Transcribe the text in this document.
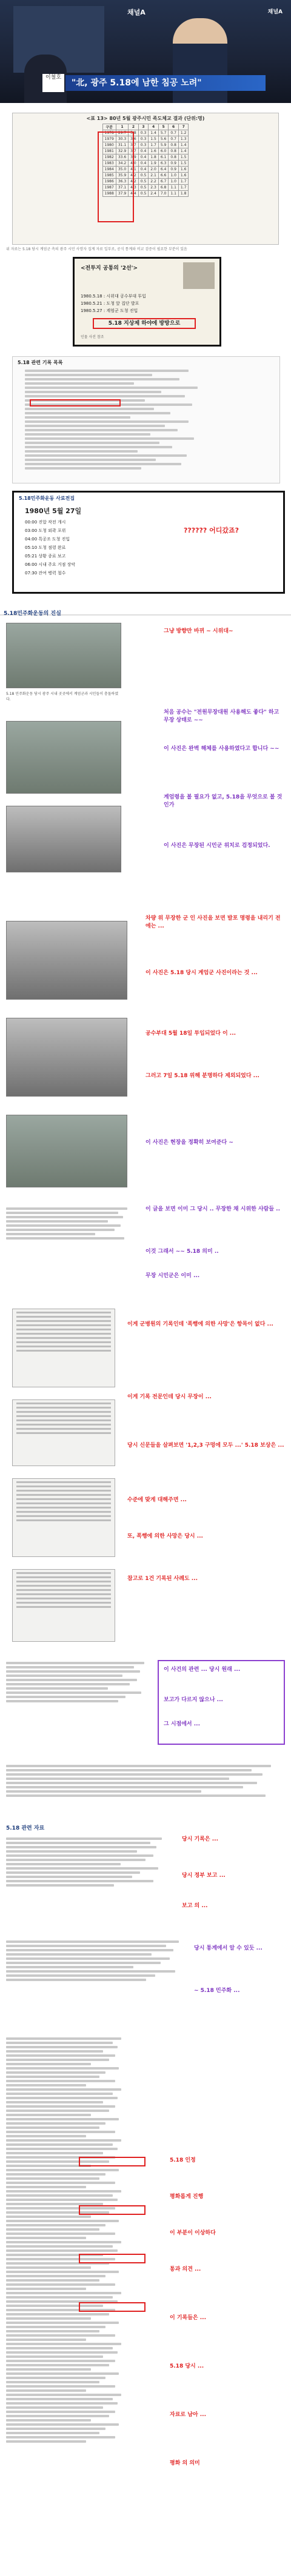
채널A	채널A
이철호
"北, 광주 5.18에 남한 침공 노려"
<표 13> 80년 5월 광주시민 족도체교 결과 (단위:명)
구분	1	2	3	4	5	6	7
1978	29.7	3.8	0.3	1.4	5.7	0.7	1.2
1979	30.3	3.6	0.3	1.5	5.6	0.7	1.3
1980	31.1	3.7	0.3	1.7	5.9	0.8	1.4
1981	32.9	3.7	0.4	1.6	6.0	0.8	1.4
1982	33.6	3.9	0.4	1.8	6.1	0.8	1.5
1983	34.2	4.0	0.4	1.9	6.3	0.9	1.5
1984	35.0	4.1	0.4	2.0	6.4	0.9	1.6
1985	35.9	4.2	0.5	2.1	6.6	1.0	1.6
1986	36.3	4.2	0.5	2.2	6.7	1.0	1.7
1987	37.1	4.3	0.5	2.3	6.8	1.1	1.7
1988	37.9	4.4	0.5	2.4	7.0	1.1	1.8
위 자료는 5.18 당시 계엄군 측의 광주 시민 사망자 집계 자료 일부로, 공식 통계와 비교 검증이 필요한 부분이 있음
<전투지 공통의 '2선'>
1980.5.18 : 시위대 공수부대 투입
1980.5.21 : 도청 앞 집단 발포
1980.5.27 : 계엄군 도청 진입
5.18 지상제 하야에 방방으로
인물 사진 참조
5.18 관련 기록 목록
5.18민주화운동 사료전집
1980년 5월 27일
00:00 진압 작전 개시
03:00 도청 외곽 포위
04:00 특공조 도청 진입
05:10 도청 점령 완료
05:21 상황 종료 보고
06:00 시내 주요 거점 장악
07:30 잔여 병력 철수
?????? 어디갔죠?
5.18민주화운동의 진실
그냥 방향만 바뀌 ~ 시위대~
5.18 민주화운동 당시 광주 시내 곳곳에서 계엄군과 시민들이 충돌하였다.
처음 공수는 "전원무장대원 사용해도 좋다" 하고 무장 상태로 ~~
이 사진은 완벽 해체를 사용하였다고 합니다 ~~
계엄령을 볼 필요가 없고, 5.18을 무엇으로 볼 것인가
이 사진은 무장된 시민군 위치로 검정되었다.
차량 위 무장한 군 인 사진을 보면 발포 명령을 내리기 전에는 ...
이 사진은 5.18 당시 계엄군 사진이라는 것 ...
공수부대 5월 18일 투입되었다 이 ...
그러고 7일 5.18 위해 분명하다 제외되었다 ...
이 사진은 현장을 정확히 보여준다 ~
이 글을 보면 이미 그 당시 .. 무장한 채 시위한 사람들 ..
이것 그래서 ~~ 5.18 의미 ..
무장 시민군은 이미 ...
이게 군병원의 기록인데 '폭행에 의한 사망'은 항목이 없다 ...
이게 기록 전문인데 당시 무장이 ...
당시 신문들을 살펴보면 '1,2,3 구멍에 모두 ...' 5.18 보상은 ...
수준에 맞게 대해주면 ...
또, 폭행에 의한 사망은 당시 ...
참고로 1건 기록된 사례도 ...
이 사건의 관련 ... 당시 원래 ...
보고가 다르지 않으나 ...
그 시점에서 ...
5.18 관련 자료
당시 기록은 ...
당시 정부 보고 ...
보고 의 ...
당시 통계에서 알 수 있듯 ...
~ 5.18 민주화 ...
5.18 인정
평화롭게 진행
이 부분이 이상하다
통과 의견 ...
이 기록들은 ...
5.18 당시 ...
자료로 남아 ...
평화 의 의미
